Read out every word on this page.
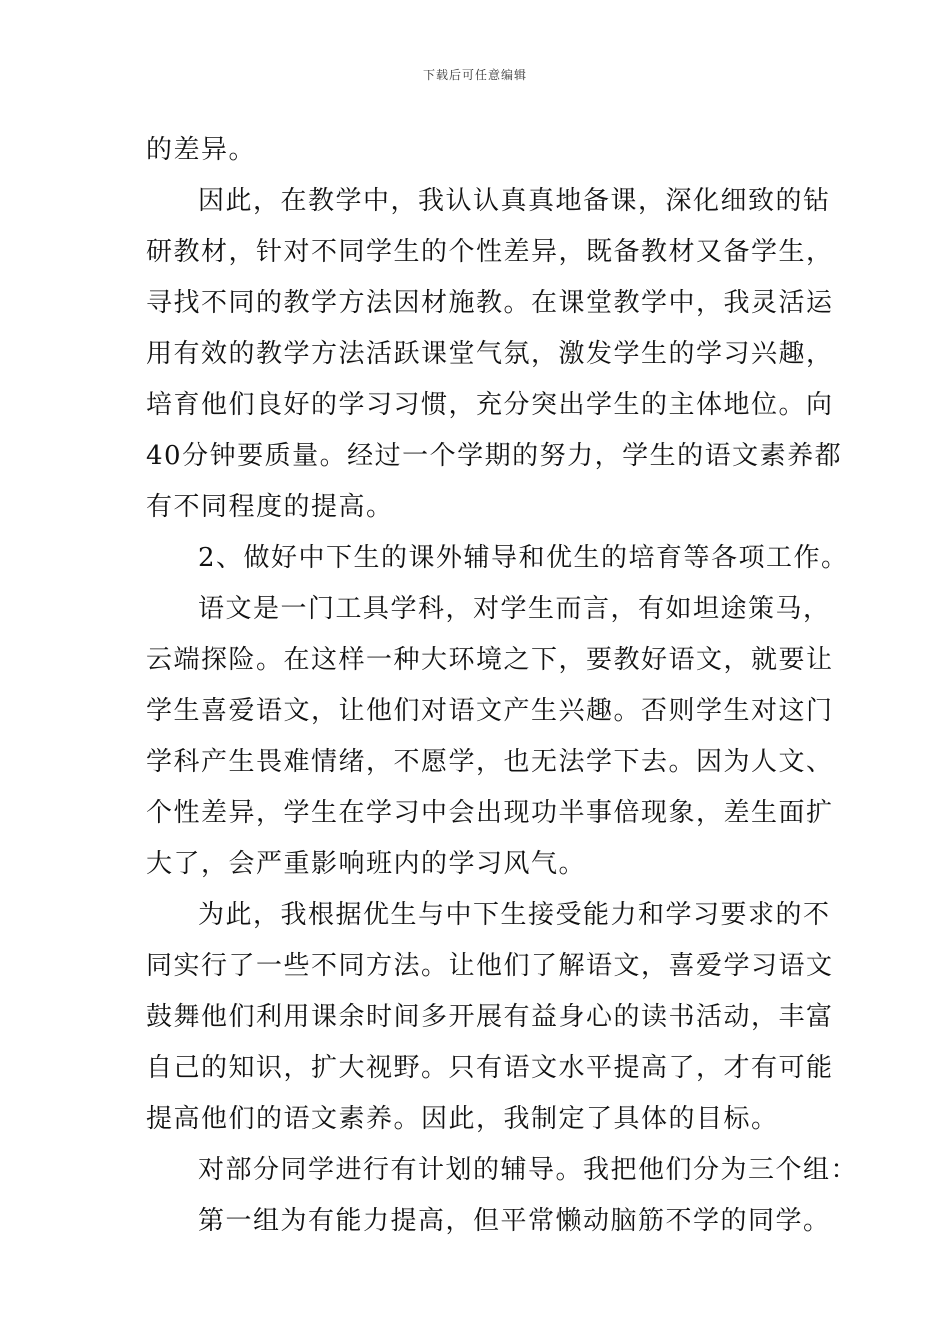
下载后可任意编辑
的差异。
因此，在教学中，我认认真真地备课，深化细致的钻
研教材，针对不同学生的个性差异，既备教材又备学生，
寻找不同的教学方法因材施教。在课堂教学中，我灵活运
用有效的教学方法活跃课堂气氛，激发学生的学习兴趣，
培育他们良好的学习习惯，充分突出学生的主体地位。向
40分钟要质量。经过一个学期的努力，学生的语文素养都
有不同程度的提高。
2、做好中下生的课外辅导和优生的培育等各项工作。
语文是一门工具学科，对学生而言，有如坦途策马，
云端探险。在这样一种大环境之下，要教好语文，就要让
学生喜爱语文，让他们对语文产生兴趣。否则学生对这门
学科产生畏难情绪，不愿学，也无法学下去。因为人文、
个性差异，学生在学习中会出现功半事倍现象，差生面扩
大了，会严重影响班内的学习风气。
为此，我根据优生与中下生接受能力和学习要求的不
同实行了一些不同方法。让他们了解语文，喜爱学习语文
鼓舞他们利用课余时间多开展有益身心的读书活动，丰富
自己的知识，扩大视野。只有语文水平提高了，才有可能
提高他们的语文素养。因此，我制定了具体的目标。
对部分同学进行有计划的辅导。我把他们分为三个组：
第一组为有能力提高，但平常懒动脑筋不学的同学。
